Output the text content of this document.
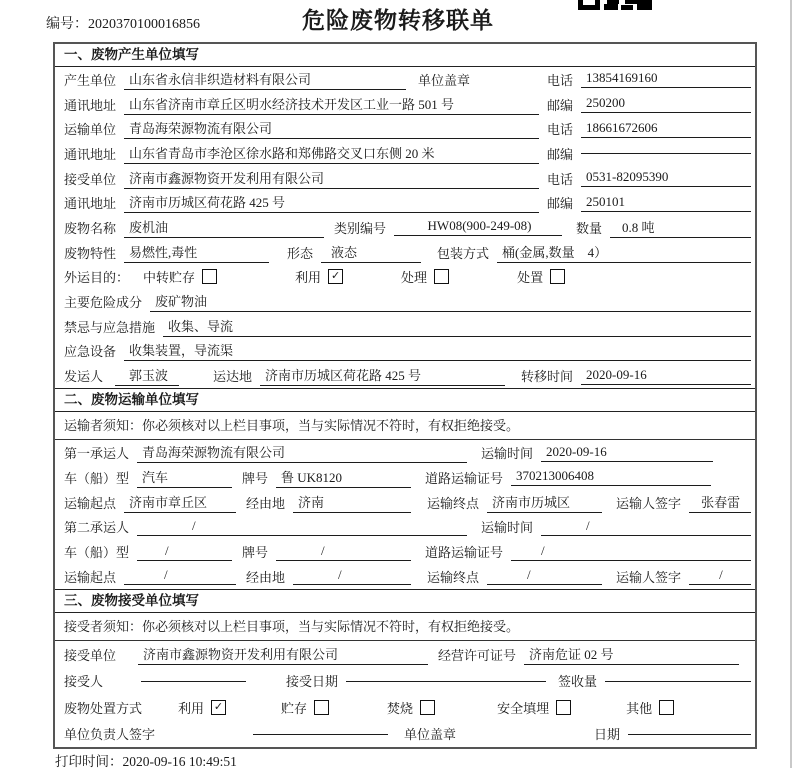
编号：2020370100016856	危险废物转移联单
一、废物产生单位填写
产生单位	山东省永信非织造材料有限公司	单位盖章	电话	13854169160
通讯地址	山东省济南市章丘区明水经济技术开发区工业一路 501 号	邮编	250200
运输单位	青岛海荣源物流有限公司	电话	18661672606
通讯地址	山东省青岛市李沧区徐水路和郑佛路交叉口东侧 20 米	邮编
接受单位	济南市鑫源物资开发利用有限公司	电话	0531-82095390
通讯地址	济南市历城区荷花路 425 号	邮编	250101
废物名称	废机油	类别编号	HW08(900-249-08)	数量	0.8 吨
废物特性	易燃性,毒性	形态	液态	包装方式	桶(金属,数量　4）
外运目的： 中转贮存	利用 ✓	处理	处置
主要危险成分	废矿物油
禁忌与应急措施	收集、导流
应急设备	收集装置，导流渠
发运人	郭玉波	运达地	济南市历城区荷花路 425 号	转移时间	2020-09-16
二、废物运输单位填写
运输者须知：你必须核对以上栏目事项，当与实际情况不符时，有权拒绝接受。
第一承运人	青岛海荣源物流有限公司	运输时间	2020-09-16
车（船）型	汽车	牌号	鲁 UK8120	道路运输证号	370213006408
运输起点	济南市章丘区	经由地	济南	运输终点	济南市历城区	运输人签字	张春雷
第二承运人	/	运输时间	/
车（船）型	/	牌号	/	道路运输证号	/
运输起点	/	经由地	/	运输终点	/	运输人签字	/
三、废物接受单位填写
接受者须知：你必须核对以上栏目事项，当与实际情况不符时，有权拒绝接受。
接受单位	济南市鑫源物资开发利用有限公司	经营许可证号	济南危证 02 号
接受人	接受日期	签收量
废物处置方式	利用 ✓	贮存	焚烧	安全填埋	其他
单位负责人签字	单位盖章	日期
打印时间：2020-09-16 10:49:51
